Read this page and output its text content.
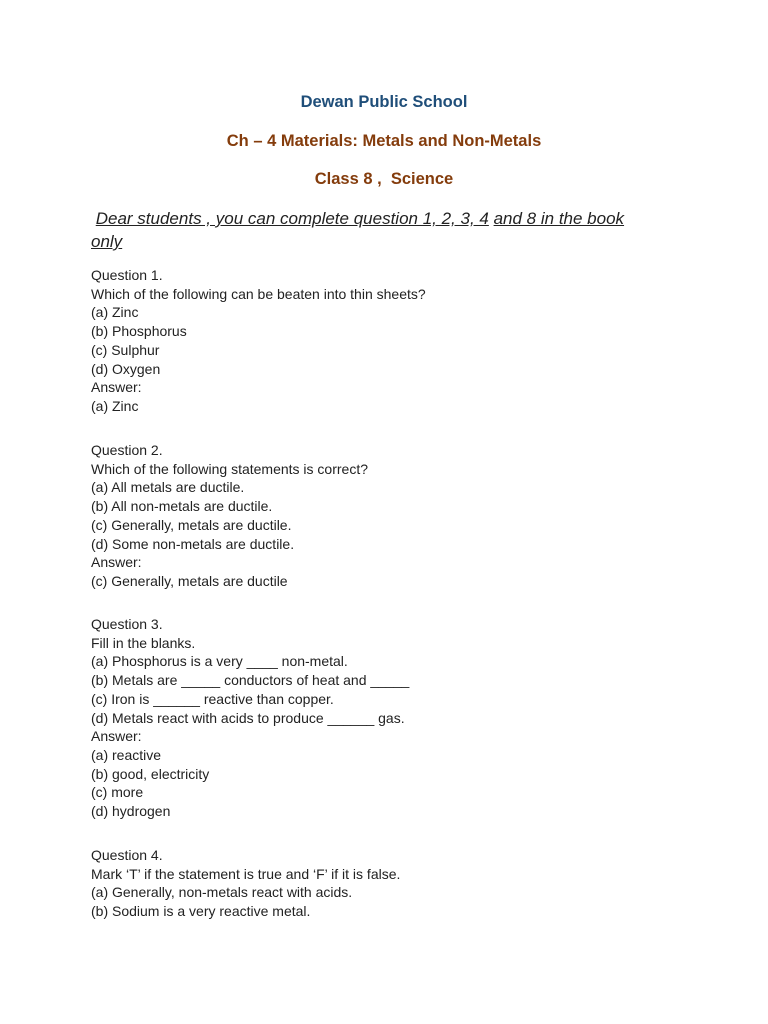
Dewan Public School
Ch – 4 Materials: Metals and Non-Metals
Class 8 ,  Science
Dear students , you can complete question 1, 2, 3, 4 and 8 in the book only
Question 1.
Which of the following can be beaten into thin sheets?
(a) Zinc
(b) Phosphorus
(c) Sulphur
(d) Oxygen
Answer:
(a) Zinc
Question 2.
Which of the following statements is correct?
(a) All metals are ductile.
(b) All non-metals are ductile.
(c) Generally, metals are ductile.
(d) Some non-metals are ductile.
Answer:
(c) Generally, metals are ductile
Question 3.
Fill in the blanks.
(a) Phosphorus is a very ____ non-metal.
(b) Metals are _____ conductors of heat and _____
(c) Iron is ______ reactive than copper.
(d) Metals react with acids to produce ______ gas.
Answer:
(a) reactive
(b) good, electricity
(c) more
(d) hydrogen
Question 4.
Mark ‘T’ if the statement is true and ‘F’ if it is false.
(a) Generally, non-metals react with acids.
(b) Sodium is a very reactive metal.
